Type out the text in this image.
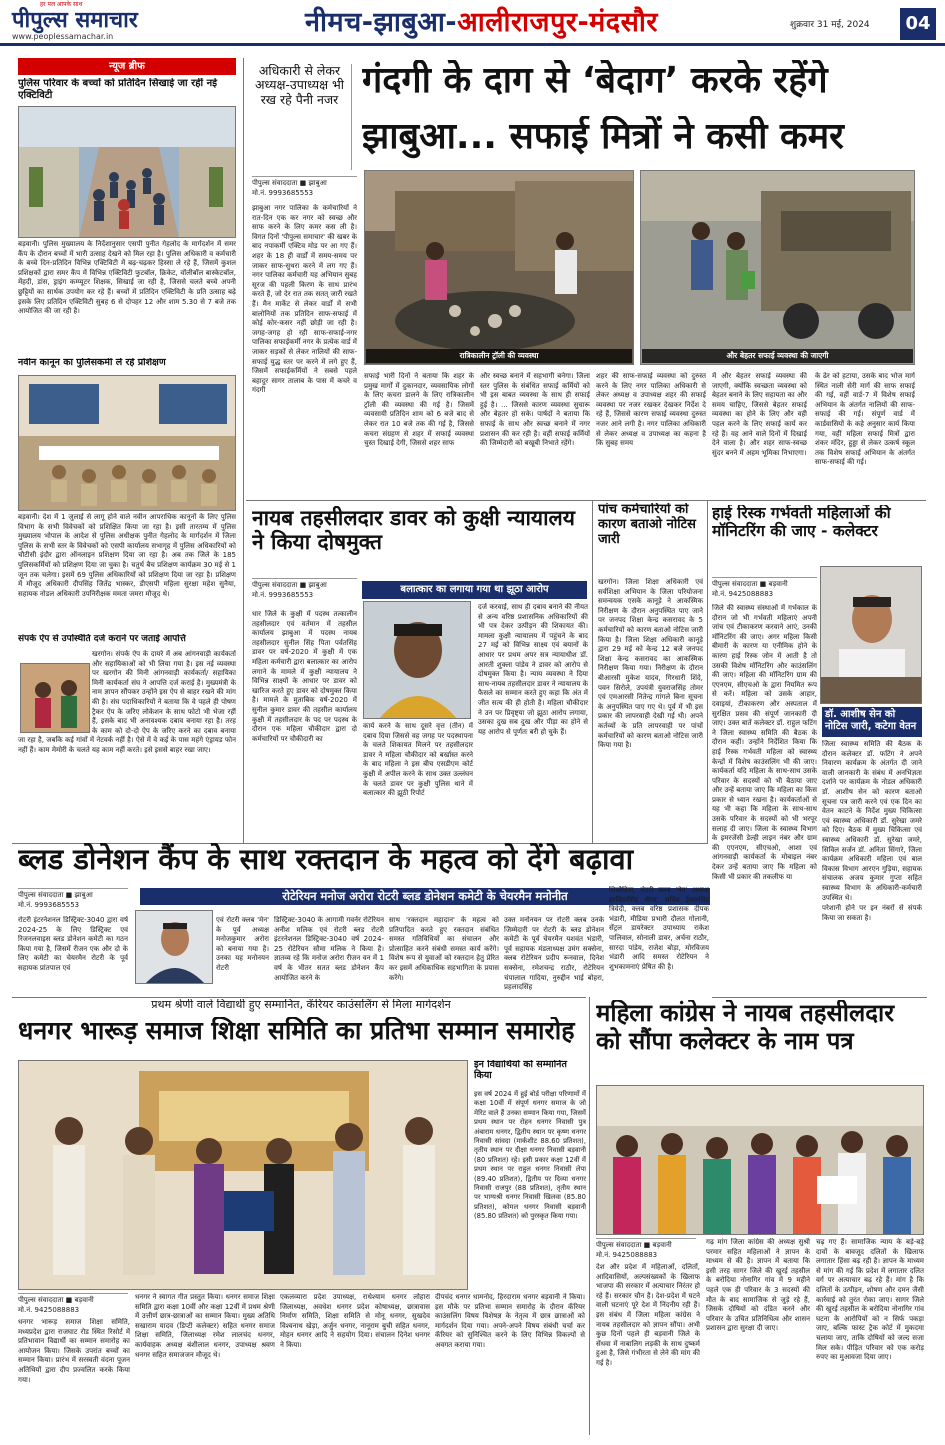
हर पल आपके साथ
पीपुल्स समाचार
www.peoplessamachar.in	नीमच-झाबुआ-आलीराजपुर-मंदसौर	शुक्रवार 31 मई, 2024	04
न्यूज ब्रीफ
पुलिस परिवार के बच्चों को प्रतिदिन सिखाई जा रहीं नई एक्टिविटी
बड़वानी। पुलिस मुख्यालय के निर्देशानुसार एसपी पुनीत गेहलोद के मार्गदर्शन में समर कैंप के दौरान बच्चों में भारी उत्साह देखने को मिल रहा है। पुलिस अधिकारी व कर्मचारी के बच्चे दिन-प्रतिदिन विभिन्न एक्टिविटी में बढ़-चढ़कर हिस्सा ले रहे हैं, जिसमें कुशल प्रशिक्षकों द्वारा समर कैंप में विभिन्न एक्टिविटी फुटबॉल, क्रिकेट, वॉलीबॉल बास्केटबॉल, मेंहदी, डांस, ड्राइंग कम्प्यूटर शिक्षक, सिखाई जा रही है, जिससे चलते बच्चे अपनी छुट्टियों का सार्थक उपयोग कर रहे हैं। बच्चों में प्रतिदिन एक्टिविटी के प्रति उत्साह बढ़े इसके लिए प्रतिदिन एक्टिविटी सुबह 6 से दोपहर 12 और शाम 5.30 से 7 बजे तक आयोजित की जा रही है।
नवीन कानून का पुलिसकर्मी ले रहे प्रशिक्षण
बड़वानी। देश में 1 जुलाई से लागू होने वाले नवीन आपराधिक कानूनों के लिए पुलिस विभाग के सभी विवेचकों को प्रशिक्षित किया जा रहा है। इसी तारतम्य में पुलिस मुख्यालय भोपाल के आदेश से पुलिस अधीक्षक पुनीत गेहलोद के मार्गदर्शन में जिला पुलिस के सभी स्तर के विवेचकों को एसपी कार्यालय सभागृह में पुलिस अधिकारियों को चौटीसी इंदौर द्वारा ऑनलाइन प्रशिक्षण दिया जा रहा है। अब तक जिले के 185 पुलिसकर्मियों को प्रशिक्षण दिया जा चुका है। चतुर्थ बैच प्रशिक्षण कार्यक्रम 30 मई से 1 जून तक चलेगा। इसमें 69 पुलिस अधिकारियों को प्रशिक्षण दिया जा रहा है। प्रशिक्षण में मौजूद अधिकारी दीपसिंह जितेंद्र भास्कर, डीएसपी महिला सुरक्षा महेश सुनैया, सहायक नोडल अधिकारी उपनिरीक्षक ममता जमरा मौजूद थे।
संपर्क ऐप से उपस्थिति दर्ज कराने पर जताई आपत्ति
खरगोन। संपर्क ऐप के दायरे में अब आंगनवाड़ी कार्यकर्ता और सहायिकाओं को भी लिया गया है। इस नई व्यवस्था पर खरगोन की मिनी आंगनवाड़ी कार्यकर्ता/ सहायिका मिनी कार्यकर्ता संघ ने आपत्ति दर्ज कराई है। मुख्यमंत्री के नाम ज्ञापन सौंपकर उन्होंने इस ऐप से बाहर रखने की मांग की है। संघ पदाधिकारियों ने बताया कि वे पहले ही पोषण ट्रैकर ऐप के जरिए लोकेशन के साथ फोटो भी भेजा रहीं हैं, इसके बाद भी अनावश्यक दबाव बनाया रहा है। तरह के काम को दो-दो ऐप के जरिए करने का दबाव बनाया जा रहा है, जबकि कई गांवों में नेटवर्क नहीं है। ऐसे में वे कई के पास महंगे एंड्रायड फोन नहीं हैं। काम मेमोरी के चलते यह काम नहीं करते। इसे इससे बाहर रखा जाए।
अधिकारी से लेकर अध्यक्ष-उपाध्यक्ष भी रख रहे पैनी नजर गंदगी के दाग से ‘बेदाग’ करके रहेंगे
झाबुआ... सफाई मित्रों ने कसी कमर
पीपुल्स संवाददाता ■ झाबुआ
मो.नं. 9993685553
झाबुआ नगर पालिका के कर्मचारियों ने रात-दिन एक कर नगर को स्वच्छ और साफ करने के लिए कमर कस ली है। विगत दिनों 'पीपुल्स समाचार' की खबर के बाद नपाकर्मी एक्टिव मोड पर आ गए हैं। शहर के 18 ही वार्डों में समय-समय पर जाकर साफ-सुथरा करने में लग गए हैं। नगर पालिका कर्मचारी यह अभियान सुबह सूरज की पहली किरण के साथ प्रारंभ करते हैं, जो देर रात तक सतत् जारी रखते हैं। मैन मार्केट से लेकर वार्डों में सभी बालोनियों तक प्रतिदिन साफ-सफाई में कोई कोर-कसर नहीं छोड़ी जा रही है। जगह-जगह हो रही साफ-सफाई-नगर पालिका सफाईकर्मी नगर के प्रत्येक वार्ड में जाकर सड़कों से लेकर नालियों की साफ-सफाई युद्ध स्तर पर करने में लगे हुए हैं, जिसमें सफाईकर्मियों ने सबसे पहले बहादुर सागर तालाब के पास में कचरे व गंदगी
रात्रिकालीन ट्रॉली की व्यवस्था	और बेहतर सफाई व्यवस्था की जाएगी
सफाई भारी दिनों ने बताया कि शहर के प्रमुख मार्गों में दुकानदार, व्यवसायिक लोगों के लिए कचरा डालने के लिए रात्रिकालीन ट्रॉली की व्यवस्था की गई है। जिसमें व्यवसायी प्रतिदिन शाम को 6 बजे बाद से लेकर रात 10 बजे तक की गई है, जिससे कचरा संग्रहण से शहर में सफाई व्यवस्था चुस्त दिखाई देगी, जिससे शहर साफ
और स्वच्छ बनाने में सहभागी बनेगा। जिला स्तर पुलिस के संबंधित सफाई कर्मियों को भी इस बाबत व्यवस्था के साथ ही सफाई हुई है। ... जिससे कारण व्यवस्था सुचारू और बेहतर हो सके। पार्षदों ने बताया कि सफाई के साथ और स्वच्छ बनाने में नगर प्रशासन की कर रही है। वहीं सफाई कर्मियों की जिम्मेदारी को बखूबी निभाते रहेंगे।
शहर की साफ-सफाई व्यवस्था को दुरुस्त करने के लिए नगर पालिका अधिकारी से लेकर अध्यक्ष व उपाध्यक्ष शहर की सफाई व्यवस्था पर नजर रखकर देखकर निर्देश दे रहे हैं, जिससे कारण सफाई व्यवस्था दुरुस्त नजर आने लगी है। नगर पालिका अधिकारी से लेकर अध्यक्ष व उपाध्यक्ष का कहना है कि सुबह समय
में और बेहतर सफाई व्यवस्था की जाएगी, क्योंकि स्वच्छता व्यवस्था को बेहतर बनाने के लिए सहायता का और समय चाहिए, जिससे बेहतर सफाई व्यवस्था का होने के लिए और वही पहल करने के लिए सफाई कार्य कर रहे हैं। वह आने वाले दिनों में दिखाई देने वाला है। और शहर साफ-स्वच्छ सुंदर बनने में अहम भूमिका निभाएगा।
के ढेर को हटाया, उसके बाद भोज मार्ग स्थित नाली सेरी मार्ग की साफ सफाई की गई, वहीं वार्ड-7 में विशेष सफाई अभियान के अंतर्गत नालियों की साफ-सफाई की गई। संपूर्ण वार्ड में कार्डवासियों के कहे अनुसार कार्य किया गया, वहीं महिला सफाई मित्रों द्वारा शंकर मंदिर, हुड्डा से लेकर उत्कर्ष स्कूल तक विशेष सफाई अभियान के अंतर्गत साफ-सफाई की गई।
नायब तहसीलदार डावर को कुक्षी न्यायालय ने किया दोषमुक्त
पीपुल्स संवाददाता ■ झाबुआ
मो.नं. 9993685553	बलात्कार का लगाया गया था झूठा आरोप
धार जिले के कुक्षी में पदस्थ तत्कालीन तहसीलदार एवं वर्तमान में तहसील कार्यालय झाबुआ में पदस्थ नायब तहसीलदार सुनील सिंह पिता पर्वतसिंह डावर पर वर्ष-2020 में कुक्षी में एक महिला कर्मचारी द्वारा बलात्कार का आरोप लगाने के मामले में कुक्षी न्यायालय ने विभिन्न साक्ष्यों के आधार पर डावर को खारिज करते हुए डावर को दोषमुक्त किया है। मामले के मुताबिक वर्ष-2020 में सुनील कुमार डावर की तहसील कार्यालय कुक्षी में तहसीलदार के पद पर पदस्थ के दौरान एक महिला चौकीदार द्वारा दो कर्मचारियों पर चौकीदारी का
कार्य करने के साथ दूसरे वृत्त (तीन) में दबाव दिया जिससे वह जगह पर पदस्थापना के चलते शिकायत मिलने पर तहसीलदार डावर ने महिला चौकीदार को बर्खास्त करने के बाद महिला ने इस बीच एसडीएम कोर्ट कुक्षी में अपील करने के साथ उक्त उल्लंघन के चलते डावर पर कुक्षी पुलिस थाने में बलात्कार की झूठी रिपोर्ट
दर्ज करवाई, साथ ही दबाव बनाने की नीयत से अन्य वरिष्ठ प्रशासनिक अधिकारियों की भी पत्र देकर उत्पीड़न की शिकायत की। मामला कुक्षी न्यायालय में पहुंचने के बाद 27 मई को विभिन्न साक्ष्य एवं बयानों के आधार पर प्रथम अपर सत्र न्यायाधीश डॉ. आरती शुक्ला पांडेय ने डावर को आरोप से दोषमुक्त किया है। न्याय व्यवस्था ने दिया साथ-नायब तहसीलदार डावर ने न्यायालय के फैसले का सम्मान करते हुए कहा कि अंत में जीत सत्य की ही होती है। महिला चौकीदार ने उन पर प्रिवृष्ट्या जो झूठा आरोप लगाया, उसका दुख सब दुख और पीड़ा का होने से यह आरोप से पूर्णतः बरी हो चुके हैं।
पांच कर्मचारियों को कारण बताओ नोटिस जारी
खरगोन। जिला शिक्षा अधिकारी एवं सर्वशिक्षा अभियान के जिला परियोजना समन्वयक एसके कानूड़े ने आकस्मिक निरीक्षण के दौरान अनुपस्थित पाए जाने पर जनपद शिक्षा केन्द्र कसरावद के 5 कर्मचारियों को कारण बताओ नोटिस जारी किया है। जिला शिक्षा अधिकारी कानूड़े द्वारा 29 मई को केन्द्र 12 बजे जनपद शिक्षा केन्द्र कसरावद का आकस्मिक निरीक्षण किया गया। निरीक्षण के दौरान बीआरसी मुकेश यादव, गिरधारी शिंदे, पवन सिरोले, उपयंत्री युवराजसिंह तोमर एवं एमआरसी नितेन्द्र गांगले बिना सूचना के अनुपस्थित पाए गए थे। पूर्व में भी इस प्रकार की लापरवाही देखी गई थी। अपने कर्तव्यों के प्रति लापरवाही पर पांचों कर्मचारियों को कारण बताओ नोटिस जारी किया गया है।
हाई रिस्क गर्भवती महिलाओं की मॉनिटरिंग की जाए - कलेक्टर
पीपुल्स संवाददाता ■ बड़वानी
मो.नं. 9425088883
जिले की स्वास्थ्य संस्थाओं में गर्भकाल के दौरान जो भी गर्भवती महिलाएं अपनी जांच एवं टीकाकरण करवाने आएं, उनकी मॉनिटरिंग की जाए। अगर महिला किसी बीमारी के कारण या एनीमिक होने के कारण हाई रिस्क जोन में आती है तो उसकी विशेष मॉनिटरिंग और काउंसलिंग की जाए। महिला की मॉनिटरिंग ग्राम की एएनएम, सीएचओ के द्वारा नियमित रूप से करें। महिला को उसके आहार, दवाइयां, टीकाकरण और अस्पताल में सुरक्षित प्रसव की संपूर्ण जानकारी दी जाए। उक्त बातें कलेक्टर डॉ. राहुल फटिंग ने जिला स्वास्थ्य समिति की बैठक के दौरान कहीं। उन्होंने निर्देशित किया कि हाई रिस्क गर्भवती महिला को स्वास्थ्य केन्द्रों में विशेष काउंसलिंग भी की जाए। कार्यकर्ता यदि महिला के साथ-साथ उसके परिवार के सदस्यों को भी बैठाया जाए और उन्हें बताया जाए कि महिला का किस प्रकार से ध्यान रखना है। कार्यकर्ताओं से यह भी कहा कि महिला के साथ-साथ उसके परिवार के सदस्यों को भी भरपूर सलाह दी जाए। जिला के स्वास्थ्य विभाग के इमरजेंसी डेल्ही लाइन नंबर और ग्राम की एएनएम, सीएचओ, आशा एवं आंगनवाड़ी कार्यकर्ता के मोबाइल नंबर देकर उन्हें बताया जाए कि महिला को किसी भी प्रकार की तकलीफ या
डॉ. आशीष सेन को नोटिस जारी, कटेगा वेतन
जिला स्वास्थ्य समिति की बैठक के दौरान कलेक्टर डॉ. फटिंग ने अपने निवारण कार्यक्रम के अंतर्गत दी जाने वाली जानकारी के संबंध में अनभिज्ञता दर्शाने पर कार्यक्रम के नोडल अधिकारी डॉ. आशीष सेन को कारण बताओ सूचना पत्र जारी करने एवं एक दिन का वेतन काटने के निर्देश मुख्य चिकित्सा एवं स्वास्थ्य अधिकारी डॉ. सुरेखा जमरे को दिए। बैठक में मुख्य चिकित्सा एवं स्वास्थ्य अधिकारी डॉ. सुरेखा जमरे, सिविल सर्जन डॉ. अनिता सिंगारे, जिला कार्यक्रम अधिकारी महिला एवं बाल विकास विभाग आरएन गुड़िया, सहायक संचालक अजय कुमार गुप्ता सहित स्वास्थ्य विभाग के अधिकारी-कर्मचारी उपस्थित थे।
परेशानी होने पर इन नंबरों से संपर्क किया जा सकता है।
ब्लड डोनेशन कैंप के साथ रक्तदान के महत्व को देंगे बढ़ावा
पीपुल्स संवाददाता ■ झाबुआ
मो.नं. 9993685553
रोटेरियन मनोज अरोरा रोटरी ब्लड डोनेशन कमेटी के चेयरमैन मनोनीत
रोटरी इंटरनेशनल डिस्ट्रिक्ट-3040 द्वारा वर्ष 2024-25 के लिए डिस्ट्रिक्ट एवं रिजनलवाइस ब्लड डोनेशन कमेटी का गठन किया गया है, जिसमें रीजन एक और दो के लिए कमेटी का चेयरमैन रोटरी के पूर्व सहायक प्रांतपाल एवं
एवं रोटरी क्लब 'मेन' के पूर्व अध्यक्ष मनोजकुमार अरोरा को बनाया गया है। उनका यह मनोनयन रोटरी
डिस्ट्रिक्ट-3040 के आगामी गवर्नर रोटेरियन अनीश मलिक एवं रोटरी ब्लड रोटरी इंटरनेशनल डिस्ट्रिक्ट-3040 वर्ष 2024-25 रोटेरियन सौमा मलिक ने किया है। ज्ञातव्य रहे कि मनोज अरोरा रीजन वन में 1 वर्ष के भीतर सतत ब्लड डोनेशन कैंप आयोजित करने के
साथ 'रक्तदान महादान' के महत्व को प्रतिपादित करते हुए रक्तदान संबंधित समस्त गतिविधियों का संचालन और प्रोत्साहित करने संबंधी समस्त कार्य करेंगे। विशेष रूप से युवाओं को रक्तदान हेतु प्रेरित कर इसमें अधिकाधिक सहभागिता के प्रयास करेंगे।
उक्त मनोनयन पर रोटरी क्लब उनके जिम्मेदारी पर रोटरी के ब्लड डोनेशन कमेटी के पूर्व चेयरमैन यशवंत भंडारी, पूर्व सहायक मंडलाध्यक्ष उमंग सक्सेना, क्लब रोटेरियन प्रदीप रूनवाल, दिनेश सक्सेना, रमेशचन्द्र राठौर, रोटेरियन चंपालाल गादिया, नुरुद्दीन भाई बोहरा, प्रहलादसिंह
सिसौदिया, रोटरी क्लब 'मेन' अध्यक्ष हरविंदरसिंह भीमा, सचिव ईश्वरसिंह त्रिवेदी, क्लब वरिष्ठ प्रशासक दीपक भंडारी, मीडिया प्रभारी दौलत गोलानी, सेंट्रल डायरेक्टर उपाध्याय राकेश पालिवाल, सोनाली डावर, अर्चना राठौर, सारदा पांडेय, राजेश बोड़ा, मोरविजय भंडारी आदि समस्त रोटेरियन ने शुभकामनाएं प्रेषित की है।
प्रथम श्रेणी वाले विद्यार्थी हुए सम्मानित, कॅरियर काउंसलिंग से मिला मार्गदर्शन
धनगर भारूड़ समाज शिक्षा समिति का प्रतिभा सम्मान समारोह
इन विद्यार्थियों को सम्मानित किया
इस वर्ष 2024 में हुई बोर्ड परीक्षा परिणामों में कक्षा 10वीं में संपूर्ण धनगर समाज के जो मेरिट वाले हैं उनका सम्मान किया गया, जिसमें प्रथम स्थान पर रोहन धनगर निवासी पुत्र अंबाराम धनगर, द्वितीय स्थान पर कृष्ण धनगर निवासी सांवदा (मार्कशीट 88.60 प्रतिशत), तृतीय स्थान पर दीक्षा धनगर निवासी बड़वानी (80 प्रतिशत) रहे। इसी प्रकार कक्षा 12वीं में प्रथम स्थान पर राहुल धनगर निवासी लेपा (89.40 प्रतिशत), द्वितीय पर दिव्या धनगर निवासी राजपुर (88 प्रतिशत), तृतीय स्थान पर भाग्यश्री धनगर निवासी खिलवा (85.80 प्रतिशत), कोमल धनगर निवासी बड़वानी (85.80 प्रतिशत) को पुरस्कृत किया गया।
पीपुल्स संवाददाता ■ बड़वानी
मो.नं. 9425088883
धनगर भारूड़ समाज शिक्षा समिति, मध्यप्रदेश द्वारा राजघाट रोड स्थित रिसोर्ट में प्रतिभावान विद्यार्थी का सम्मान समारोह का आयोजन किया। जिसके उपरांत बच्चों का सम्मान किया। प्रारंभ में सरस्वती वंदना पूजन अतिथियों द्वारा दीप प्रज्वलित करके किया गया।
धनगर ने स्वागत गीत प्रस्तुत किया। धनगर समाज शिक्षा समिति द्वारा कक्षा 10वीं और कक्षा 12वीं में प्रथम श्रेणी में उत्तीर्ण छात्र-छात्राओं का सम्मान किया। मुख्य अतिथि सखाराम यादव (डिप्टी कलेक्टर) सहित धनगर समाज शिक्षा समिति, जिलाध्यक्ष रमेश लालचंद धनगर, कार्यवाहक अध्यक्ष बंशीलाल धनगर, उपाध्यक्ष श्रवण धनगर सहित समाजजन मौजूद थे।
एकलव्यारा प्रदेश उपाध्यक्ष, राधेश्याम धनगर लोहारा जिलाध्यक्ष, अवधेश धनगर प्रदेश कोषाध्यक्ष, छात्रावास निर्माण समिति, शिक्षा समिति से मोनू धनगर, सुखदेव विश्वनाथ खेड़ा, अर्जुन धनगर, नानूराम बुची सहित धनगर, मोहन धनगर आदि ने सहयोग दिया। संचालन दिनेश धनगर ने किया।
दीपचंद धनगर धामनोद, हिरदाराम धनगर बड़वानी ने किया। इस मौके पर प्रतिभा सम्मान समारोह के दौरान कॅरियर काउंसलिंग विषय विशेषज्ञ के नेतृत्व में छात्र छात्राओं को मार्गदर्शन दिया गया। अपने-अपने विषय संबंधी चर्चा कर कॅरियर को सुनिश्चित करने के लिए विभिन्न विकल्पों से अवगत कराया गया।
महिला कांग्रेस ने नायब तहसीलदार को सौंपा कलेक्टर के नाम पत्र
पीपुल्स संवाददाता ■ बड़वानी
मो.नं. 9425088883
देश और प्रदेश में महिलाओं, दलितों, आदिवासियों, अल्पसंख्यकों के खिलाफ भाजपा की सरकार में अत्याचार निरंतर हो रहे हैं। सरकार चौन है। देश-प्रदेश में घटने वाली घटनाएं पूरे देश में निंदनीय रही हैं। इस संबंध में जिला महिला कांग्रेस ने नायब तहसीलदार को ज्ञापन सौंपा। अभी कुछ दिनों पहले ही बड़वानी जिले के सेंधवा में नाबालिग लड़की के साथ दुष्कर्म हुआ है, जिसे गंभीरता से लेने की मांग की गई है।
गढ़ मांग जिला कांग्रेस की अध्यक्ष सुश्री परमार सहित महिलाओं ने ज्ञापन के माध्यम से की है। ज्ञापन में बताया कि इसी तरह सागर जिले की खुरई तहसील के बरोदिया नोनागिर गांव में 9 महीने पहले एक ही परिवार के 3 सदस्यों की मौत के बाद सामाजिक से जुड़े रहे हैं, जिसके दोषियों को दंडित करने और परिवार के उचित प्रतिनिधित्व और शासन प्रशासन द्वारा सुरक्षा दी जाए।
चढ़ गए हैं। सामाजिक न्याय के बड़े-बड़े दावों के बावजूद दलितों के खिलाफ लगातार हिंसा बढ़ रही है। ज्ञापन के माध्यम से मांग की गई कि प्रदेश में लगातार दलित वर्ग पर अत्याचार बढ़ रहे हैं। मांग है कि दलितों के उत्पीड़न, शोषण और दमन जैसी कार्रवाई को तुरंत रोका जाए। सागर जिले की खुरई तहसील के बरोदिया नोनागिर गांव घटना के आरोपियों को न सिर्फ पकड़ा जाए, बल्कि फास्ट ट्रैक कोर्ट में मुकदमा चलाया जाए, ताकि दोषियों को जल्द सजा मिल सके। पीड़ित परिवार को एक करोड़ रुपए का मुआवजा दिया जाए।
